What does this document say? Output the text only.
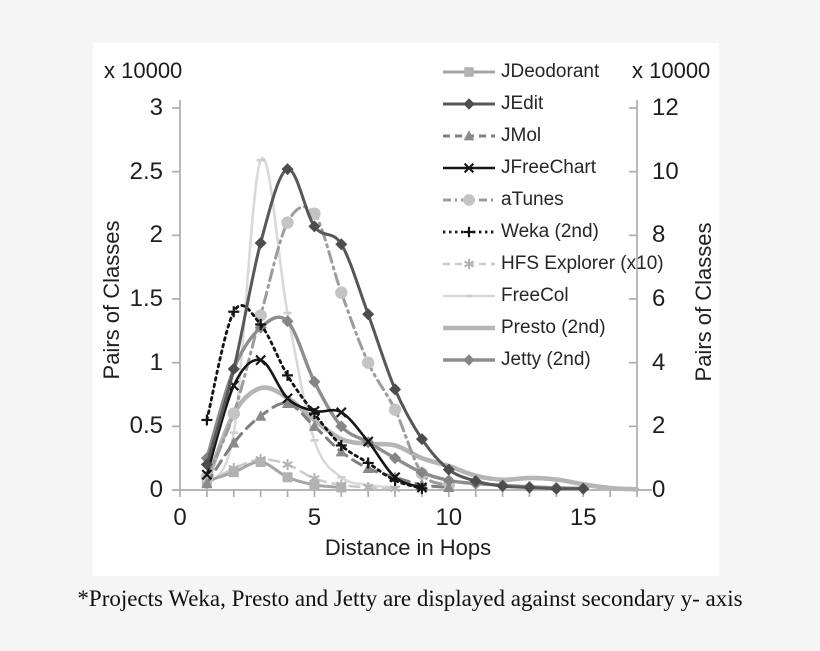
x 10000	x 10000
3
2.5
2
1.5
1
0.5
0
12
10
8
6
4
2
0
0	5	10	15
Pairs of Classes	Pairs of Classes
Distance in Hops
JDeodorant
JEdit
JMol
JFreeChart
aTunes
Weka (2nd)
HFS Explorer (x10)
FreeCol
Presto (2nd)
Jetty (2nd)
*Projects Weka, Presto and Jetty are displayed against secondary y- axis
